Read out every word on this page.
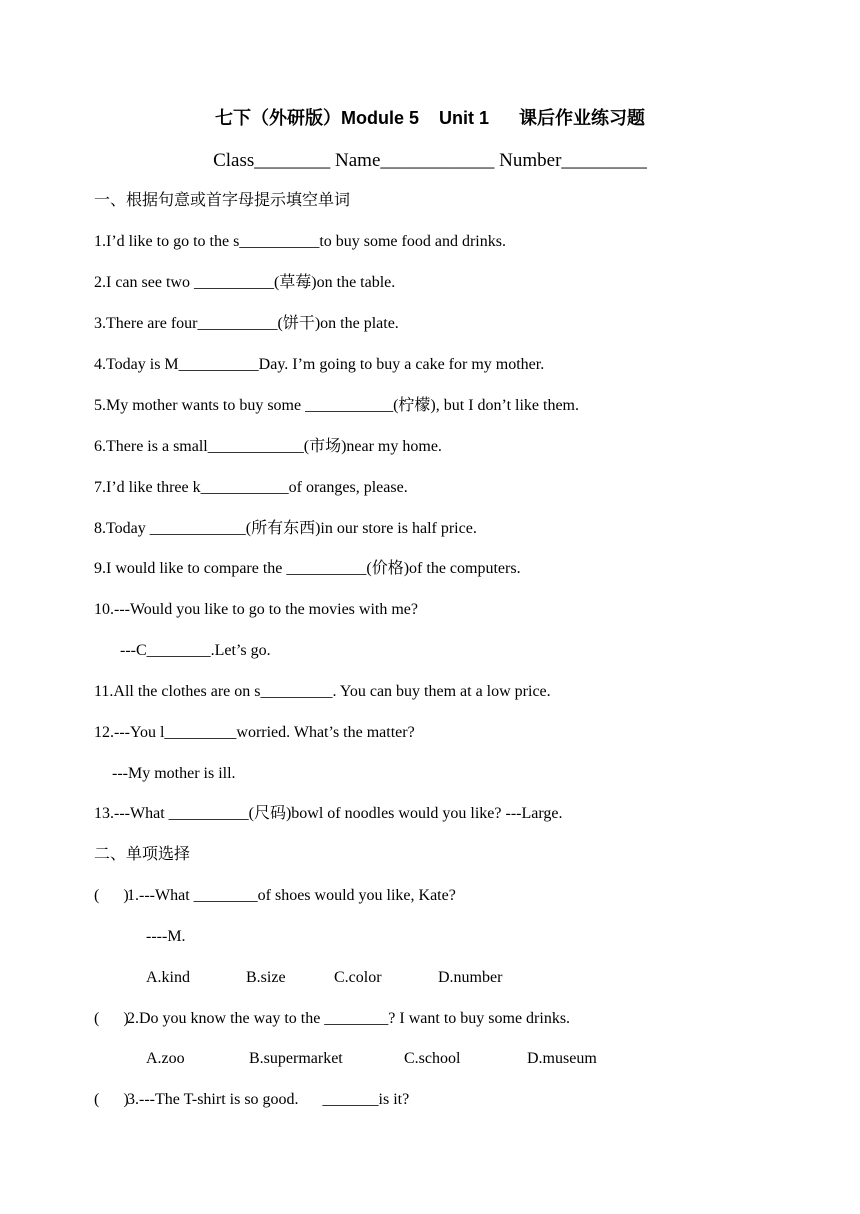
七下（外研版）Module 5    Unit 1      课后作业练习题
Class________ Name____________ Number_________
一、根据句意或首字母提示填空单词
1.I’d like to go to the s__________to buy some food and drinks.
2.I can see two __________(草莓)on the table.
3.There are four__________(饼干)on the plate.
4.Today is M__________Day. I’m going to buy a cake for my mother.
5.My mother wants to buy some ___________(柠檬), but I don’t like them.
6.There is a small____________(市场)near my home.
7.I’d like three k___________of oranges, please.
8.Today ____________(所有东西)in our store is half price.
9.I would like to compare the __________(价格)of the computers.
10.---Would you like to go to the movies with me?
---C________.Let’s go.
11.All the clothes are on s_________. You can buy them at a low price.
12.---You l_________worried. What’s the matter?
---My mother is ill.
13.---What __________(尺码)bowl of noodles would you like? ---Large.
二、单项选择
(      )
1.---What ________of shoes would you like, Kate?
----M.
A.kind	B.size	C.color	D.number
(      )
2.Do you know the way to the ________? I want to buy some drinks.
A.zoo	B.supermarket	C.school	D.museum
(      )
3.---The T-shirt is so good.      _______is it?
